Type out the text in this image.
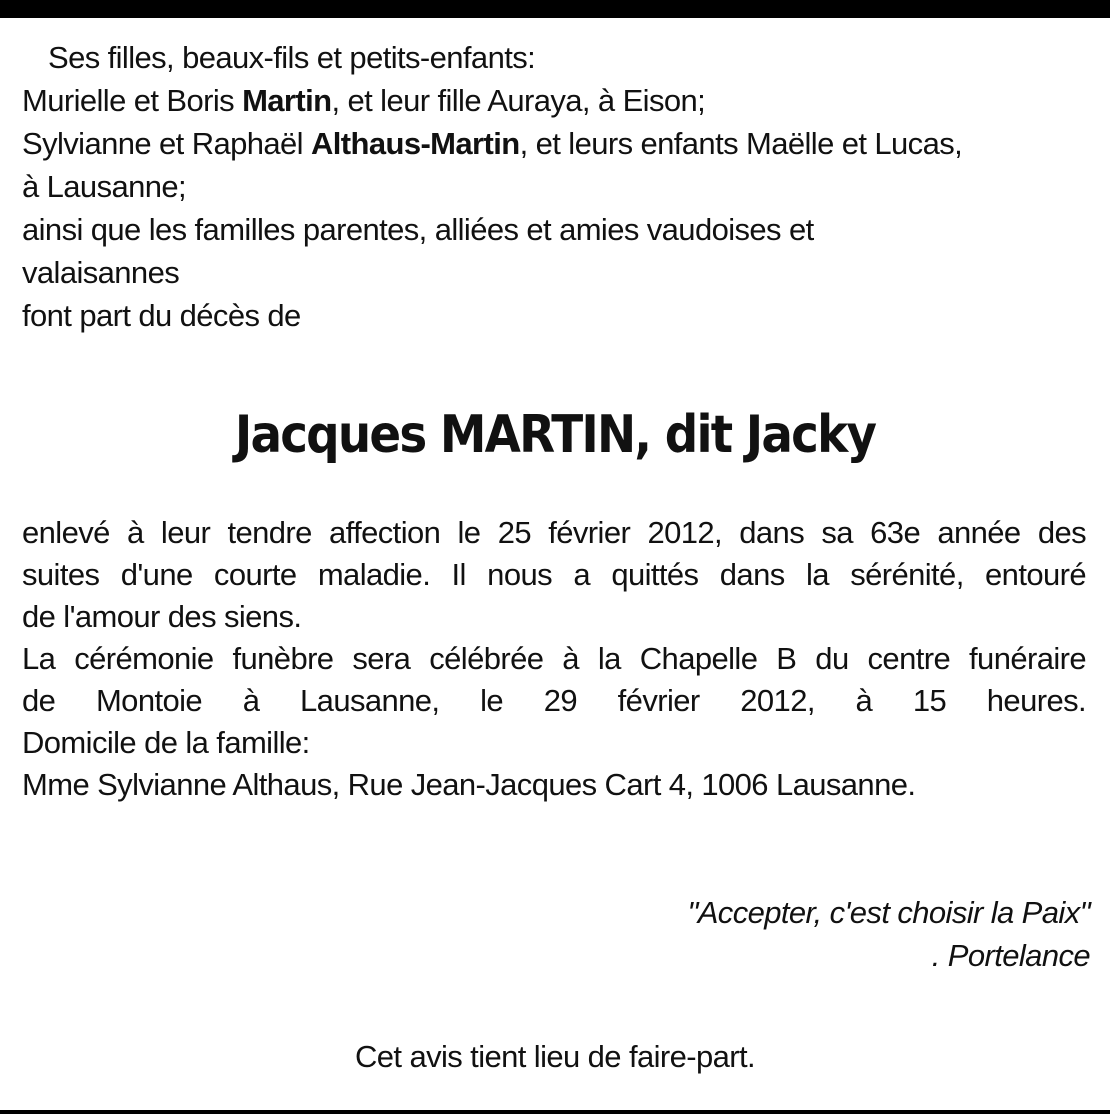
Ses filles, beaux-fils et petits-enfants:
Murielle et Boris Martin, et leur fille Auraya, à Eison;
Sylvianne et Raphaël Althaus-Martin, et leurs enfants Maëlle et Lucas,
à Lausanne;
ainsi que les familles parentes, alliées et amies vaudoises et
valaisannes
font part du décès de
Jacques MARTIN, dit Jacky
enlevé à leur tendre affection le 25 février 2012, dans sa 63e année des
suites d'une courte maladie. Il nous a quittés dans la sérénité, entouré
de l'amour des siens.
La cérémonie funèbre sera célébrée à la Chapelle B du centre funéraire
de Montoie à Lausanne, le 29 février 2012, à 15 heures.
Domicile de la famille:
Mme Sylvianne Althaus, Rue Jean-Jacques Cart 4, 1006 Lausanne.
"Accepter, c'est choisir la Paix"
. Portelance
Cet avis tient lieu de faire-part.
